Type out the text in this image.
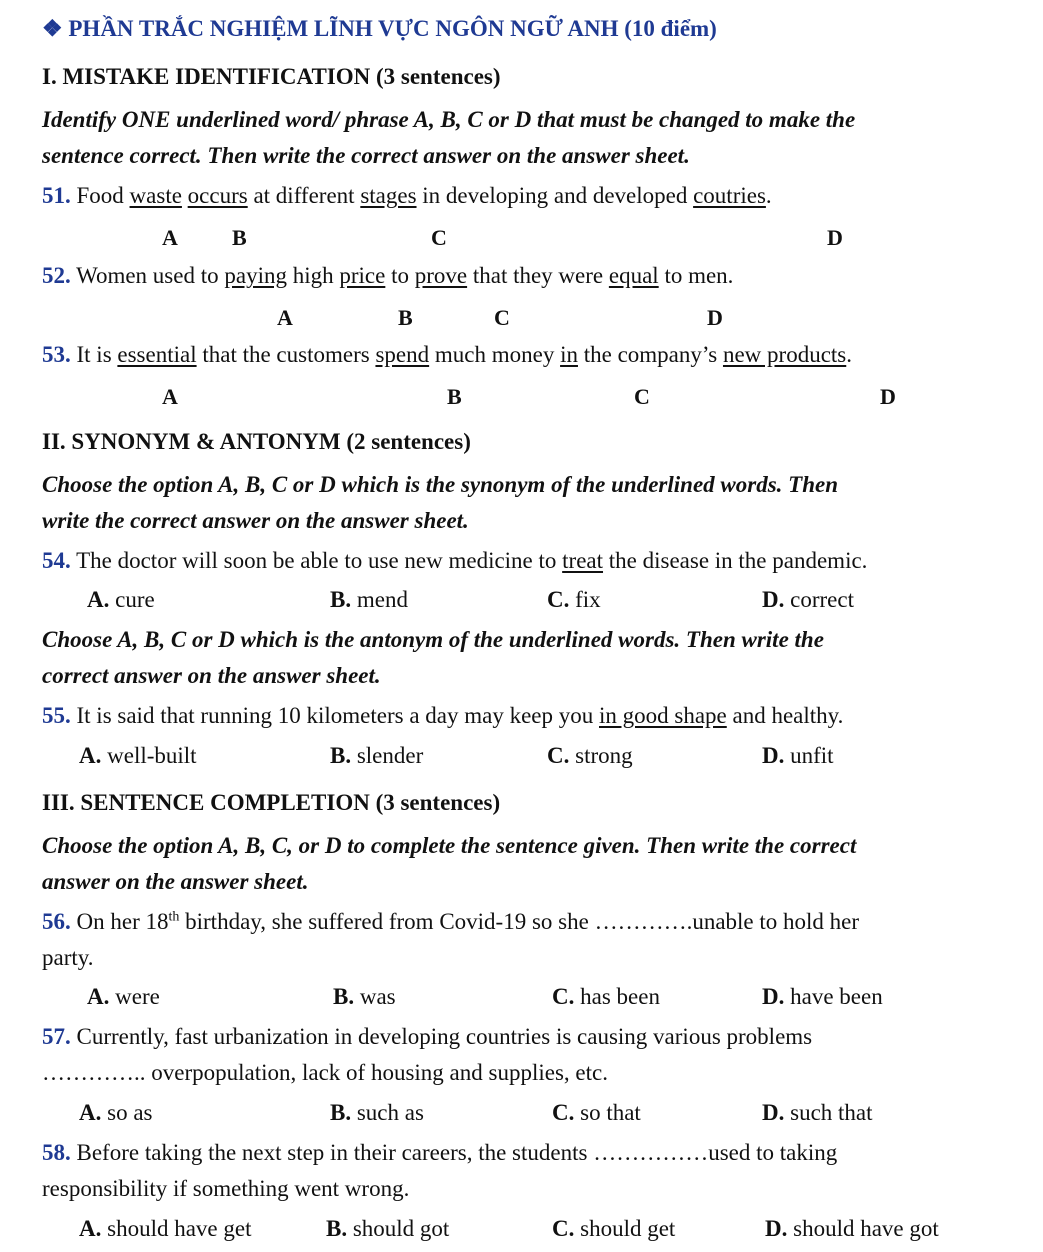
❖ PHẦN TRẮC NGHIỆM LĨNH VỰC NGÔN NGỮ ANH (10 điểm)
I. MISTAKE IDENTIFICATION (3 sentences)
Identify ONE underlined word/ phrase A, B, C or D that must be changed to make the
sentence correct. Then write the correct answer on the answer sheet.
51. Food waste occurs at different stages in developing and developed coutries.
A B	C	D
52. Women used to paying high price to prove that they were equal to men.
A	B	C	D
53. It is essential that the customers spend much money in the company’s new products.
A	B	C	D
II. SYNONYM & ANTONYM (2 sentences)
Choose the option A, B, C or D which is the synonym of the underlined words. Then
write the correct answer on the answer sheet.
54. The doctor will soon be able to use new medicine to treat the disease in the pandemic.
A. cure	B. mend	C. fix	D. correct
Choose A, B, C or D which is the antonym of the underlined words. Then write the
correct answer on the answer sheet.
55. It is said that running 10 kilometers a day may keep you in good shape and healthy.
A. well-built	B. slender	C. strong	D. unfit
III. SENTENCE COMPLETION (3 sentences)
Choose the option A, B, C, or D to complete the sentence given. Then write the correct
answer on the answer sheet.
56. On her 18th birthday, she suffered from Covid-19 so she ………….unable to hold her
party.
A. were	B. was	C. has been	D. have been
57. Currently, fast urbanization in developing countries is causing various problems
………….. overpopulation, lack of housing and supplies, etc.
A. so as	B. such as	C. so that	D. such that
58. Before taking the next step in their careers, the students ……………used to taking
responsibility if something went wrong.
A. should have get	B. should got	C. should get	D. should have got
